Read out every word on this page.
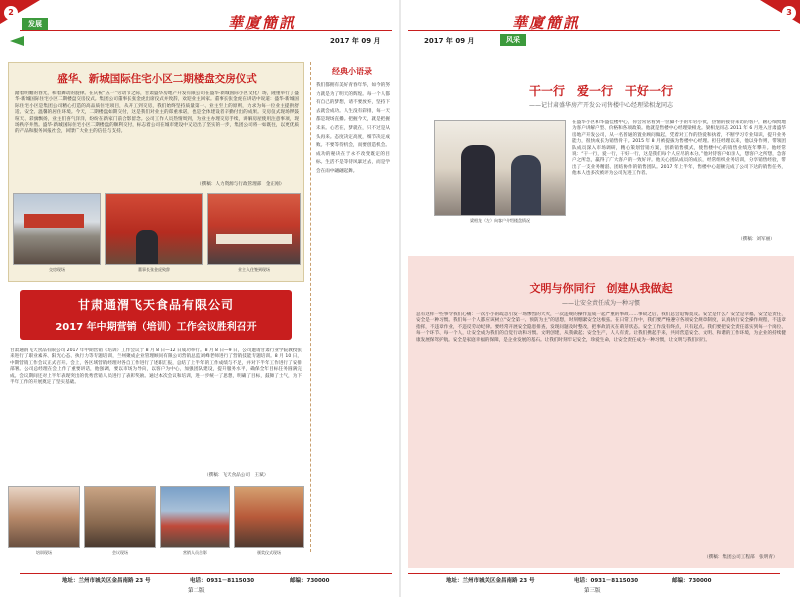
2
发展	華廈簡訊
2017 年 09 月
盛华、新城国际住宅小区二期楼盘交房仪式
踏着明媚的春光，和着舞动的旋律。在庆祝“五一”劳动节之际，甘肃盛华房地产开发有限公司在盛华·新城国际小区文化广场，隆重举行了盛华·新城国际住宅小区二期楼盘交房仪式。集团公司董事长张金虎出席仪式并致辞，欢迎业主回家。董事长张金虎在讲话中说道：盛华·新城国际住宅小区是集团公司精心打造的高品质住宅项目，从开工到交房，我们始终坚持质量第一、业主至上的原则，力求为每一位业主提供舒适、安全、温馨的居住环境。今天，二期楼盘如期交付，这是我们对业主的郑重承诺，也是全体建设者辛勤付出的成果。交房仪式现场锣鼓喧天、彩旗飘扬，业主们喜气洋洋，纷纷在新家门前合影留念。公司工作人员热情周到，为业主办理交房手续，讲解房屋使用注意事项，现场秩序井然。盛华·新城国际住宅小区二期楼盘的顺利交付，标志着公司在城市建设中又迈出了坚实的一步，集团公司将一如既往，以更优质的产品和服务回报社会，回馈广大业主的信任与支持。
（撰稿：人力资源与行政管理部　金正刚）
交房现场	董事长张金虎致辞	业主入住签到现场
经典小语录
我们都拥有美好青春年华，如今的努力就是为了明天的辉煌。每一个人都有自己的梦想，请不要放弃，坚持下去就会成功。人生没有彩排，每一天都是现场直播。把握今天，就是把握未来。心若在，梦就在，只不过是从头再来。态度决定高度，细节决定成败。不要等待机会，而要创造机会。成功的秘诀在于永不改变既定的目标。生活不是等待风暴过去，而是学会在雨中翩翩起舞。
甘肃通渭飞天食品有限公司
2017 年中期营销（培训）工作会议胜利召开
甘肃通渭飞天食品有限公司 2017 年中期营销（培训）工作会议于 8 月 8 日—12 日成功举行。8 月 8 日—9 日，公司邀请甘肃行业学院教授张来进行了职业素养、阳光心态、执行力等专题培训，兰州聚成企业管理顾问有限公司营销总监刘峰老师进行了营销技能专题培训。8 月 10 日，中期营销工作会议正式召开。会上，各区域营销经理对各自工作进行了述职汇报，总结了上半年的工作成绩与不足，并对下半年工作进行了安排部署。公司总经理在会上作了重要讲话，他强调，要以市场为导向，以客户为中心，加强团队建设，提升服务水平，确保全年目标任务圆满完成。会议期间还对上半年表现突出的优秀营销人员进行了表彰奖励。通过本次会议和培训，进一步统一了思想，明确了目标，鼓舞了士气，为下半年工作的开展奠定了坚实基础。
（撰稿：飞天食品公司　王斌）
培训现场	会议现场	营销人员合影	颁奖仪式现场
地址：兰州市城关区金昌南路 23 号	电话：0931－8115030	邮编：730000
第二版
3
2017 年 09 月
華廈簡訊
风采
干一行　爱一行　干好一行
——记甘肃盛华房产开发公司售楼中心经理梁相龙同志
梁相龙（左）向客户介绍楼盘情况
在盛华小区和华盛佳楼中心，你会常常看到一位脚不手的年轻小伙，热情的接待来访的客户，耐心细致地为客户讲解户型、价格和各项政策。他就是售楼中心经理梁相龙。梁相龙同志 2011 年 6 月进入甘肃盛华房地产开发公司，从一名普通的置业顾问做起，凭着对工作的热爱和执着，不断学习专业知识，提升业务能力，很快成长为销售骨干。2015 年 8 月被提拔为售楼中心经理。担任经理以来，他以身作则，带领团队成员深入市场调研，精心策划营销方案，创新销售模式，使售楼中心的销售业绩连年攀升。他经常说：“干一行，爱一行，干好一行，这是我们每个人应尽的本分。”他对待客户如亲人，想客户之所想，急客户之所急，赢得了广大客户的一致好评。他关心团队成员的成长，经常组织业务培训，分享销售经验，带出了一支业务精湛、团结协作的销售团队。2017 年上半年，售楼中心超额完成了公司下达的销售任务，他本人也多次被评为公司先进工作者。
（撰稿：刘军丽）
文明与你同行　创建从我做起
——让安全责任成为一种习惯
总有这样一些事令我们心痛：一次小小的疏忽引发一场惨烈的大火，一次违规的操作造成一起严重的事故……事故之后，我们总会追悔莫及。安全是什么？安全是幸福，安全是责任，安全是一种习惯。我们每一个人都应该树立“安全第一、预防为主”的思想，时刻绷紧安全这根弦。在日常工作中，我们要严格遵守各项安全规章制度，认真执行安全操作规程，不违章指挥，不违章作业，不违反劳动纪律。要经常开展安全隐患排查，发现问题及时整改，把事故消灭在萌芽状态。安全工作没有终点，只有起点。我们要把安全责任落实到每一个岗位、每一个环节、每一个人，让安全成为我们的自觉行动和习惯。文明创建，从我做起；安全生产，人人有责。让我们携起手来，共同营造安全、文明、和谐的工作环境，为企业的持续健康发展保驾护航。安全是家庭幸福的保障，是企业发展的基石。让我们时刻牢记安全，珍爱生命，让安全责任成为一种习惯，让文明与我们同行。
（撰稿：集团公司工程部　张明青）
地址：兰州市城关区金昌南路 23 号	电话：0931－8115030	邮编：730000
第三版
